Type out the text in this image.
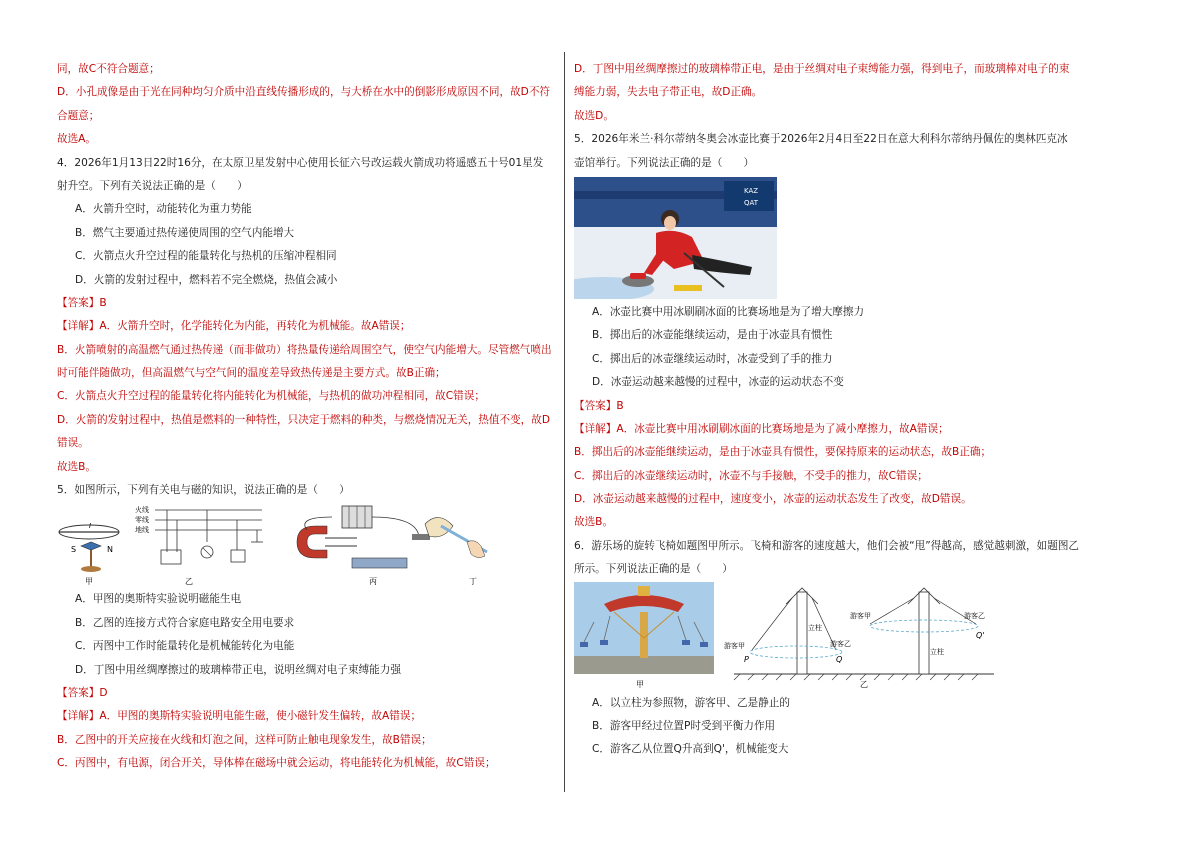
同，故C不符合题意；
D．小孔成像是由于光在同种均匀介质中沿直线传播形成的，与大桥在水中的倒影形成原因不同，故D不符
合题意；
故选A。
4．2026年1月13日22时16分，在太原卫星发射中心使用长征六号改运载火箭成功将遥感五十号01星发
射升空。下列有关说法正确的是（　　）
A．火箭升空时，动能转化为重力势能
B．燃气主要通过热传递使周围的空气内能增大
C．火箭点火升空过程的能量转化与热机的压缩冲程相同
D．火箭的发射过程中，燃料若不完全燃烧，热值会减小
【答案】B
【详解】A．火箭升空时，化学能转化为内能，再转化为机械能。故A错误；
B．火箭喷射的高温燃气通过热传递（而非做功）将热量传递给周围空气，使空气内能增大。尽管燃气喷出
时可能伴随做功，但高温燃气与空气间的温度差导致热传递是主要方式。故B正确；
C．火箭点火升空过程的能量转化将内能转化为机械能，与热机的做功冲程相同，故C错误；
D．火箭的发射过程中，热值是燃料的一种特性，只决定于燃料的种类，与燃烧情况无关，热值不变，故D
错误。
故选B。
5．如图所示，下列有关电与磁的知识，说法正确的是（　　）
S	N
I
甲
火线
零线
地线
乙	丙	丁
A．甲图的奥斯特实验说明磁能生电
B．乙图的连接方式符合家庭电路安全用电要求
C．丙图中工作时能量转化是机械能转化为电能
D．丁图中用丝绸摩擦过的玻璃棒带正电，说明丝绸对电子束缚能力强
【答案】D
【详解】A．甲图的奥斯特实验说明电能生磁，使小磁针发生偏转，故A错误；
B．乙图中的开关应接在火线和灯泡之间，这样可防止触电现象发生，故B错误；
C．丙图中，有电源，闭合开关，导体棒在磁场中就会运动，将电能转化为机械能，故C错误；
D．丁图中用丝绸摩擦过的玻璃棒带正电，是由于丝绸对电子束缚能力强，得到电子，而玻璃棒对电子的束
缚能力弱，失去电子带正电，故D正确。
故选D。
5．2026年米兰·科尔蒂纳冬奥会冰壶比赛于2026年2月4日至22日在意大利科尔蒂纳丹佩佐的奥林匹克冰
壶馆举行。下列说法正确的是（　　）
KAZ
QAT
A．冰壶比赛中用冰刷刷冰面的比赛场地是为了增大摩擦力
B．掷出后的冰壶能继续运动，是由于冰壶具有惯性
C．掷出后的冰壶继续运动时，冰壶受到了手的推力
D．冰壶运动越来越慢的过程中，冰壶的运动状态不变
【答案】B
【详解】A．冰壶比赛中用冰刷刷冰面的比赛场地是为了减小摩擦力，故A错误；
B．掷出后的冰壶能继续运动，是由于冰壶具有惯性，要保持原来的运动状态，故B正确；
C．掷出后的冰壶继续运动时，冰壶不与手接触，不受手的推力，故C错误；
D．冰壶运动越来越慢的过程中，速度变小，冰壶的运动状态发生了改变，故D错误。
故选B。
6．游乐场的旋转飞椅如题图甲所示。飞椅和游客的速度越大，他们会被“甩”得越高，感觉越刺激，如题图乙
所示。下列说法正确的是（　　）
甲
立柱
游客甲	游客乙
P	Q
立柱
游客甲	游客乙
Q'
乙
A．以立柱为参照物，游客甲、乙是静止的
B．游客甲经过位置P时受到平衡力作用
C．游客乙从位置Q升高到Q'，机械能变大
